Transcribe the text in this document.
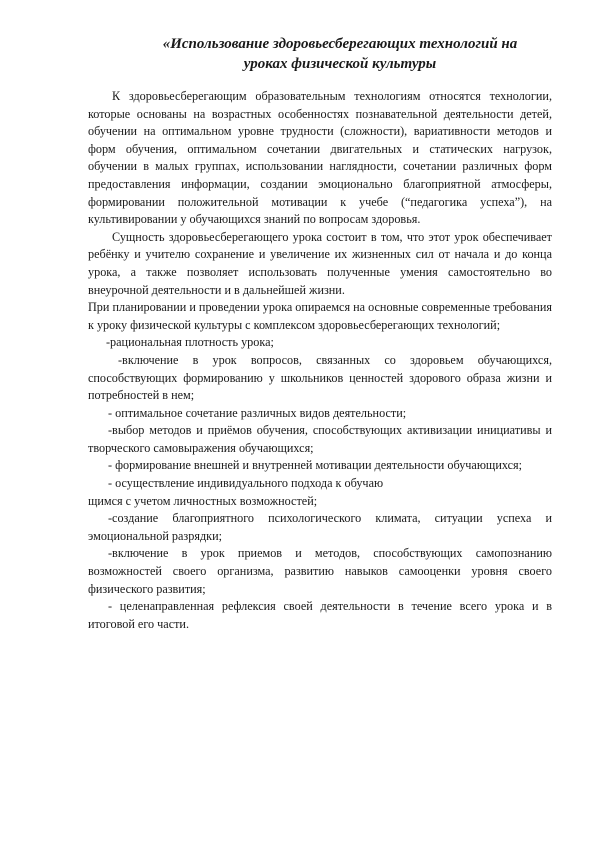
«Использование здоровьесберегающих технологий на
уроках физической культуры

К здоровьесберегающим образовательным технологиям относятся технологии, которые основаны на возрастных особенностях познавательной деятельности детей, обучении на оптимальном уровне трудности (сложности), вариативности методов и форм обучения, оптимальном сочетании двигательных и статических нагрузок, обучении в малых группах, использовании наглядности, сочетании различных форм предоставления информации, создании эмоционально благоприятной атмосферы, формировании положительной мотивации к учебе (“педагогика успеха”), на культивировании у обучающихся знаний по вопросам здоровья.

Сущность здоровьесберегающего урока состоит в том, что этот урок обеспечивает ребёнку и учителю сохранение и увеличение их жизненных сил от начала и до конца урока, а также позволяет использовать полученные умения самостоятельно во внеурочной деятельности и в дальнейшей жизни.

При планировании и проведении урока опираемся на основные современные требования к уроку физической культуры с комплексом здоровьесберегающих технологий;

-рациональная плотность урока;

-включение в урок вопросов, связанных со здоровьем обучающихся, способствующих формированию у школьников ценностей здорового образа жизни и потребностей в нем;

- оптимальное сочетание различных видов деятельности;

-выбор методов и приёмов обучения, способствующих активизации инициативы и творческого самовыражения обучающихся;

- формирование внешней и внутренней мотивации деятельности обучающихся;

- осуществление индивидуального подхода к обучаю

щимся с учетом личностных возможностей;

-создание благоприятного психологического климата, ситуации успеха и эмоциональной разрядки;

-включение в урок приемов и методов, способствующих самопознанию возможностей своего организма, развитию навыков самооценки уровня своего физического развития;

- целенаправленная рефлексия своей деятельности в течение всего урока и в итоговой его части.
